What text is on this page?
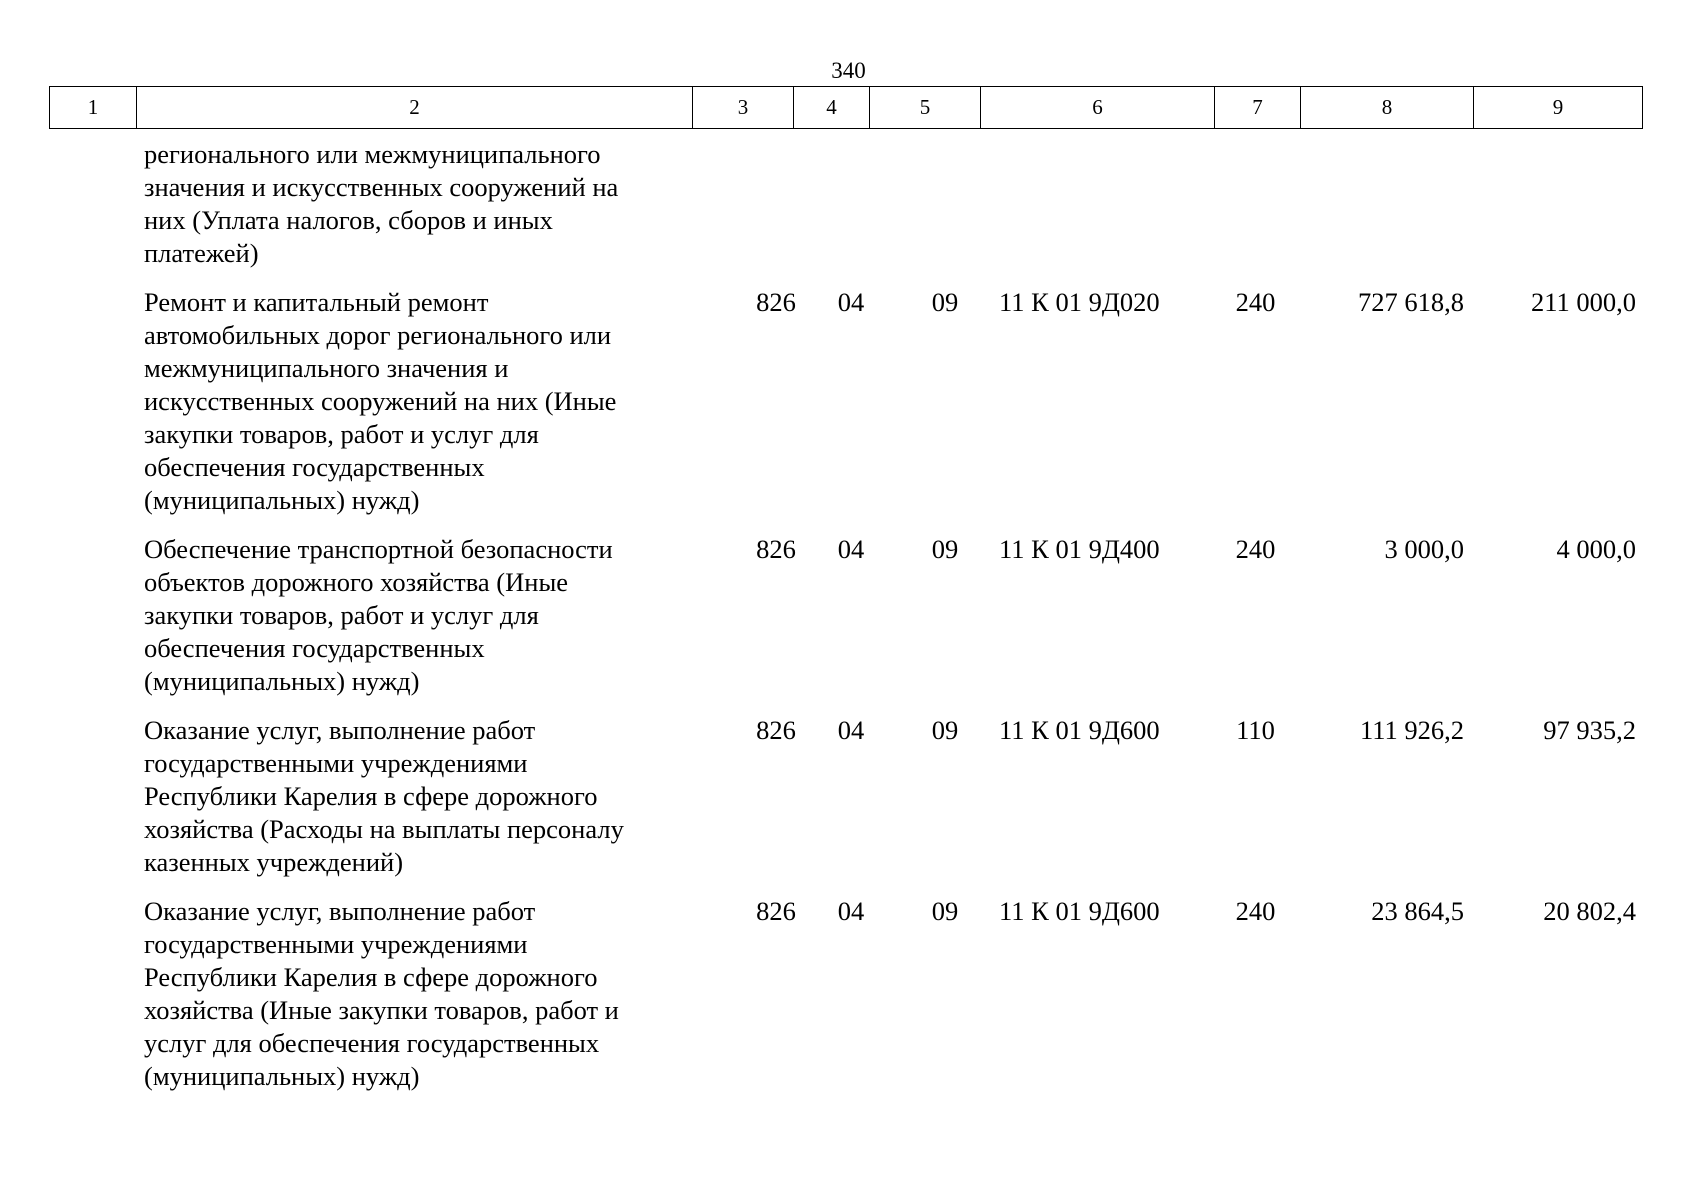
340
1	2	3	4	5	6	7	8	9
регионального или межмуниципального
значения и искусственных сооружений на
них (Уплата налогов, сборов и иных
платежей)
Ремонт и капитальный ремонт
автомобильных дорог регионального или
межмуниципального значения и
искусственных сооружений на них (Иные
закупки товаров, работ и услуг для
обеспечения государственных
(муниципальных) нужд)
826	04	09	11 К 01 9Д020	240	727 618,8	211 000,0
Обеспечение транспортной безопасности
объектов дорожного хозяйства (Иные
закупки товаров, работ и услуг для
обеспечения государственных
(муниципальных) нужд)
826	04	09	11 К 01 9Д400	240	3 000,0	4 000,0
Оказание услуг, выполнение работ
государственными учреждениями
Республики Карелия в сфере дорожного
хозяйства (Расходы на выплаты персоналу
казенных учреждений)
826	04	09	11 К 01 9Д600	110	111 926,2	97 935,2
Оказание услуг, выполнение работ
государственными учреждениями
Республики Карелия в сфере дорожного
хозяйства (Иные закупки товаров, работ и
услуг для обеспечения государственных
(муниципальных) нужд)
826	04	09	11 К 01 9Д600	240	23 864,5	20 802,4
